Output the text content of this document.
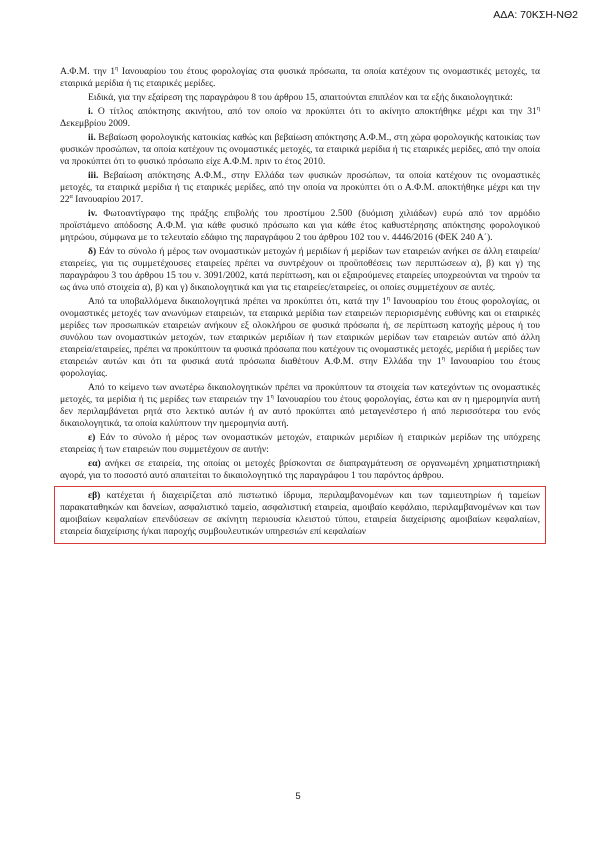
ΑΔΑ: 70ΚΣΗ-ΝΘ2

Α.Φ.Μ. την $1^\eta$ Ιανουαρίου του έτους φορολογίας στα φυσικά πρόσωπα, τα οποία κατέχουν τις ονομαστικές μετοχές, τα εταιρικά μερίδια ή τις εταιρικές μερίδες.

Ειδικά, για την εξαίρεση της παραγράφου 8 του άρθρου 15, απαιτούνται επιπλέον και τα εξής δικαιολογητικά:

i. Ο τίτλος απόκτησης ακινήτου, από τον οποίο να προκύπτει ότι το ακίνητο αποκτήθηκε μέχρι και την $31^\eta$ Δεκεμβρίου 2009.

ii. Βεβαίωση φορολογικής κατοικίας καθώς και βεβαίωση απόκτησης Α.Φ.Μ., στη χώρα φορολογικής κατοικίας των φυσικών προσώπων, τα οποία κατέχουν τις ονομαστικές μετοχές, τα εταιρικά μερίδια ή τις εταιρικές μερίδες, από την οποία να προκύπτει ότι το φυσικό πρόσωπο είχε Α.Φ.Μ. πριν το έτος 2010.

iii. Βεβαίωση απόκτησης Α.Φ.Μ., στην Ελλάδα των φυσικών προσώπων, τα οποία κατέχουν τις ονομαστικές μετοχές, τα εταιρικά μερίδια ή τις εταιρικές μερίδες, από την οποία να προκύπτει ότι ο Α.Φ.Μ. αποκτήθηκε μέχρι και την $22^\alpha$ Ιανουαρίου 2017.

iv. Φωτοαντίγραφο της πράξης επιβολής του προστίμου 2.500 (δυόμιση χιλιάδων) ευρώ από τον αρμόδιο προϊστάμενο απόδοσης Α.Φ.Μ. για κάθε φυσικό πρόσωπο και για κάθε έτος καθυστέρησης απόκτησης φορολογικού μητρώου, σύμφωνα με το τελευταίο εδάφιο της παραγράφου 2 του άρθρου 102 του ν. 4446/2016 (ΦΕΚ 240 Α΄).

δ) Εάν το σύνολο ή μέρος των ονομαστικών μετοχών ή μεριδίων ή μερίδων των εταιρειών ανήκει σε άλλη εταιρεία/εταιρείες, για τις συμμετέχουσες εταιρείες πρέπει να συντρέχουν οι προϋποθέσεις των περιπτώσεων α), β) και γ) της παραγράφου 3 του άρθρου 15 του ν. 3091/2002, κατά περίπτωση, και οι εξαιρούμενες εταιρείες υποχρεούνται να τηρούν τα ως άνω υπό στοιχεία α), β) και γ) δικαιολογητικά και για τις εταιρείες/εταιρείες, οι οποίες συμμετέχουν σε αυτές.

Από τα υποβαλλόμενα δικαιολογητικά πρέπει να προκύπτει ότι, κατά την $1^\eta$ Ιανουαρίου του έτους φορολογίας, οι ονομαστικές μετοχές των ανωνύμων εταιρειών, τα εταιρικά μερίδια των εταιρειών περιορισμένης ευθύνης και οι εταιρικές μερίδες των προσωπικών εταιρειών ανήκουν εξ ολοκλήρου σε φυσικά πρόσωπα ή, σε περίπτωση κατοχής μέρους ή του συνόλου των ονομαστικών μετοχών, των εταιρικών μεριδίων ή των εταιρικών μερίδων των εταιρειών αυτών από άλλη εταιρεία/εταιρείες, πρέπει να προκύπτουν τα φυσικά πρόσωπα που κατέχουν τις ονομαστικές μετοχές, μερίδια ή μερίδες των εταιρειών αυτών και ότι τα φυσικά αυτά πρόσωπα διαθέτουν Α.Φ.Μ. στην Ελλάδα την $1^\eta$ Ιανουαρίου του έτους φορολογίας.

Από το κείμενο των ανωτέρω δικαιολογητικών πρέπει να προκύπτουν τα στοιχεία των κατεχόντων τις ονομαστικές μετοχές, τα μερίδια ή τις μερίδες των εταιρειών την $1^\eta$ Ιανουαρίου του έτους φορολογίας, έστω και αν η ημερομηνία αυτή δεν περιλαμβάνεται ρητά στο λεκτικό αυτών ή αν αυτό προκύπτει από μεταγενέστερο ή από περισσότερα του ενός δικαιολογητικά, τα οποία καλύπτουν την ημερομηνία αυτή.

ε) Εάν το σύνολο ή μέρος των ονομαστικών μετοχών, εταιρικών μεριδίων ή εταιρικών μερίδων της υπόχρεης εταιρείας ή των εταιρειών που συμμετέχουν σε αυτήν:

εα) ανήκει σε εταιρεία, της οποίας οι μετοχές βρίσκονται σε διαπραγμάτευση σε οργανωμένη χρηματιστηριακή αγορά, για το ποσοστό αυτό απαιτείται το δικαιολογητικό της παραγράφου 1 του παρόντος άρθρου.

εβ) κατέχεται ή διαχειρίζεται από πιστωτικό ίδρυμα, περιλαμβανομένων και των ταμιευτηρίων ή ταμείων παρακαταθηκών και δανείων, ασφαλιστικό ταμείο, ασφαλιστική εταιρεία, αμοιβαίο κεφάλαιο, περιλαμβανομένων και των αμοιβαίων κεφαλαίων επενδύσεων σε ακίνητη περιουσία κλειστού τύπου, εταιρεία διαχείρισης αμοιβαίων κεφαλαίων, εταιρεία διαχείρισης ή/και παροχής συμβουλευτικών υπηρεσιών επί κεφαλαίων

5
